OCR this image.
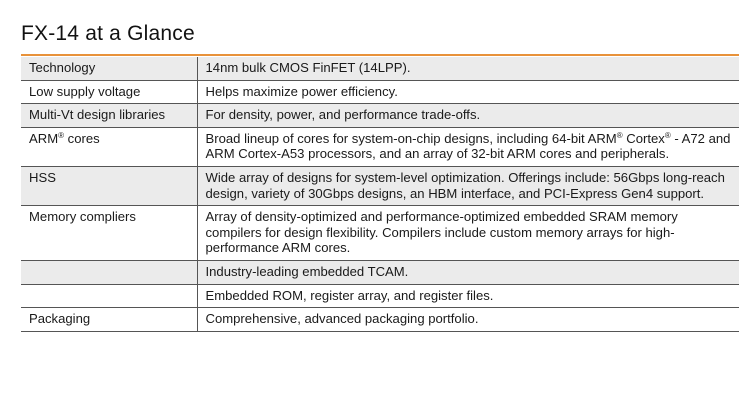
FX-14 at a Glance
Technology	14nm bulk CMOS FinFET (14LPP).
Low supply voltage	Helps maximize power efficiency.
Multi-Vt design libraries	For density, power, and performance trade-offs.
ARM® cores	Broad lineup of cores for system-on-chip designs, including 64-bit ARM® Cortex® - A72 and ARM Cortex-A53 processors, and an array of 32-bit ARM cores and peripherals.
HSS	Wide array of designs for system-level optimization. Offerings include: 56Gbps long-reach design, variety of 30Gbps designs, an HBM interface, and PCI-Express Gen4 support.
Memory compliers	Array of density-optimized and performance-optimized embedded SRAM memory compilers for design flexibility. Compilers include custom memory arrays for high-performance ARM cores.
	Industry-leading embedded TCAM.
	Embedded ROM, register array, and register files.
Packaging	Comprehensive, advanced packaging portfolio.
